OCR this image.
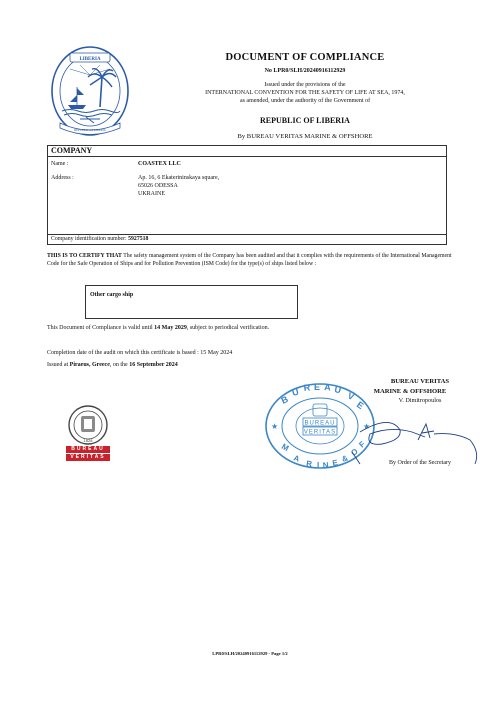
LIBERIA
REPUBLIC OF LIBERIA
DOCUMENT OF COMPLIANCE
No LPR0/SLH/20240916112929
Issued under the provisions of the
INTERNATIONAL CONVENTION FOR THE SAFETY OF LIFE AT SEA, 1974,
as amended, under the authority of the Government of
REPUBLIC OF LIBERIA
By BUREAU VERITAS MARINE & OFFSHORE
COMPANY
Name :	COASTEX LLC
Address :	Ap. 16, 6 Ekaterininskaya square,
65026 ODESSA
UKRAINE
Company identification number: 5927518
THIS IS TO CERTIFY THAT The safety management system of the Company has been audited and that it complies with the requirements of the International Management Code for the Safe Operation of Ships and for Pollution Prevention (ISM Code) for the type(s) of ships listed below :
Other cargo ship
This Document of Compliance is valid until 14 May 2029, subject to periodical verification.
Completion date of the audit on which this certificate is based : 15 May 2024
Issued at Piraeus, Greece, on the 16 September 2024
1828
BUREAU
VERITAS
B
U R E A U
V
E
M
A
R I N E &
O
F
★	★
BUREAU
VERITAS
BUREAU VERITAS
MARINE & OFFSHORE
V. Dimitropoulos
By Order of the Secretary
LPR0/SLH/20240916112929 - Page 1/2
